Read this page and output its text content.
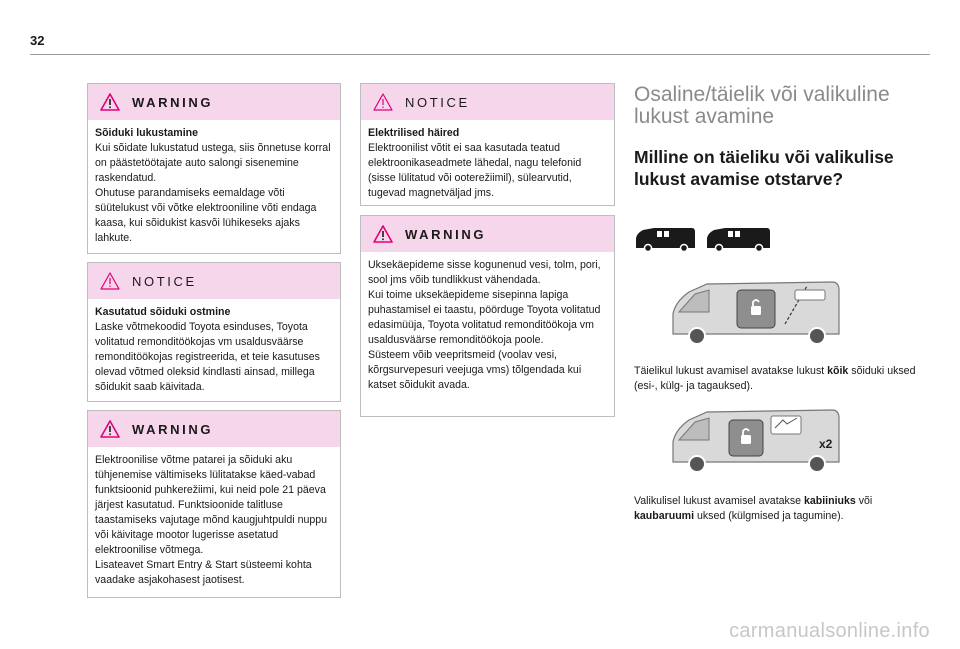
32
WARNING

Sõiduki lukustamine

Kui sõidate lukustatud ustega, siis õnnetuse korral on päästetöötajate auto salongi sisenemine raskendatud.
Ohutuse parandamiseks eemaldage võti süütelukust või võtke elektrooniline võti endaga kaasa, kui sõidukist kasvõi lühikeseks ajaks lahkute.

NOTICE

Kasutatud sõiduki ostmine

Laske võtmekoodid Toyota esinduses, Toyota volitatud remonditöökojas vm usaldusväärse remonditöökojas registreerida, et teie kasutuses olevad võtmed oleksid kindlasti ainsad, millega sõidukit saab käivitada.

WARNING

Elektroonilise võtme patarei ja sõiduki aku tühjenemise vältimiseks lülitatakse käed-vabad funktsioonid puhkerežiimi, kui neid pole 21 päeva järjest kasutatud. Funktsioonide talitluse taastamiseks vajutage mõnd kaugjuhtpuldi nuppu või käivitage mootor lugerisse asetatud elektroonilise võtmega.
Lisateavet Smart Entry & Start süsteemi kohta vaadake asjakohasest jaotisest.

NOTICE

Elektrilised häired

Elektroonilist võtit ei saa kasutada teatud elektroonikaseadmete lähedal, nagu telefonid (sisse lülitatud või ooterežiimil), sülearvutid, tugevad magnetväljad jms.

WARNING

Uksekäepideme sisse kogunenud vesi, tolm, pori, sool jms võib tundlikkust vähendada.
Kui toime uksekäepideme sisepinna lapiga puhastamisel ei taastu, pöörduge Toyota volitatud edasimüüja, Toyota volitatud remonditöökoja vm usaldusväärse remonditöökoja poole.
Süsteem võib veepritsmeid (voolav vesi, kõrgsurvepesuri veejuga vms) tõlgendada kui katset sõidukit avada.

Osaline/täielik või valikuline lukust avamine
Milline on täieliku või valikulise lukust avamise otstarve?

Täielikul lukust avamisel avatakse lukust kõik sõiduki uksed (esi-, külg- ja tagauksed).

x2

Valikulisel lukust avamisel avatakse kabiiniuks või kaubaruumi uksed (külgmised ja tagumine).

carmanualsonline.info
